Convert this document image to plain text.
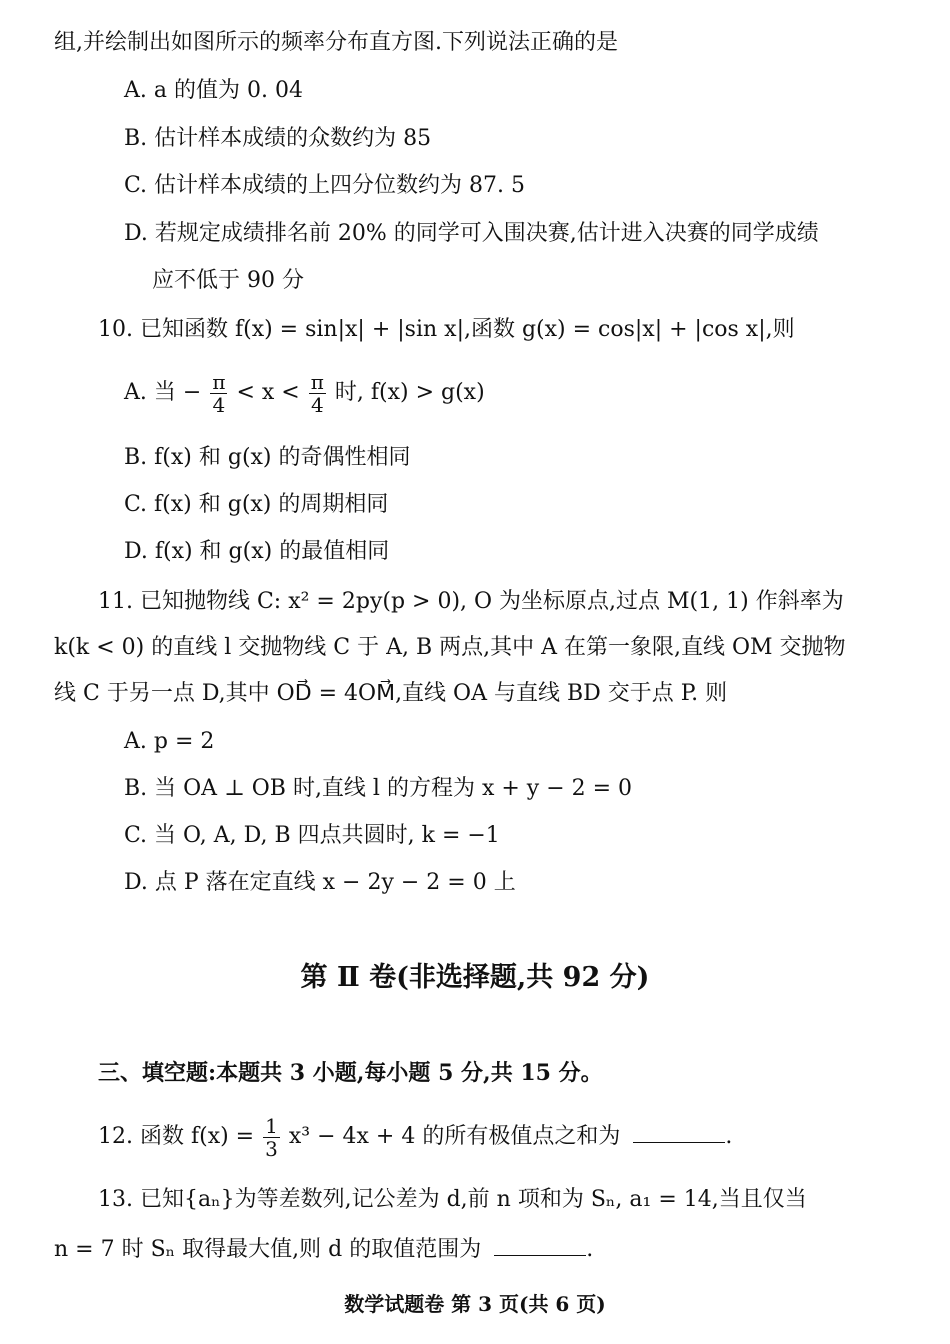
组,并绘制出如图所示的频率分布直方图.下列说法正确的是
A. a 的值为 0. 04
B. 估计样本成绩的众数约为 85
C. 估计样本成绩的上四分位数约为 87. 5
D. 若规定成绩排名前 20% 的同学可入围决赛,估计进入决赛的同学成绩
应不低于 90 分
10. 已知函数 f(x) = sin|x| + |sin x|,函数 g(x) = cos|x| + |cos x|,则
A. 当 − $\frac{\pi}{4} < x < \frac{\pi}{4}$ 时, f(x) > g(x)
B. f(x) 和 g(x) 的奇偶性相同
C. f(x) 和 g(x) 的周期相同
D. f(x) 和 g(x) 的最值相同
11. 已知抛物线 C: x² = 2py(p > 0), O 为坐标原点,过点 M(1, 1) 作斜率为
k(k < 0) 的直线 l 交抛物线 C 于 A, B 两点,其中 A 在第一象限,直线 OM 交抛物
线 C 于另一点 D,其中 OD⃗ = 4OM⃗,直线 OA 与直线 BD 交于点 P. 则
A. p = 2
B. 当 OA ⊥ OB 时,直线 l 的方程为 x + y − 2 = 0
C. 当 O, A, D, B 四点共圆时, k = −1
D. 点 P 落在定直线 x − 2y − 2 = 0 上
第 Ⅱ 卷(非选择题,共 92 分)
三、填空题:本题共 3 小题,每小题 5 分,共 15 分。
12. 函数 $f(x) = \frac{1}{3} x^3 - 4x + 4$ 的所有极值点之和为	.
13. 已知{aₙ}为等差数列,记公差为 d,前 n 项和为 Sₙ, a₁ = 14,当且仅当
n = 7 时 Sₙ 取得最大值,则 d 的取值范围为	.
数学试题卷 第 3 页(共 6 页)
